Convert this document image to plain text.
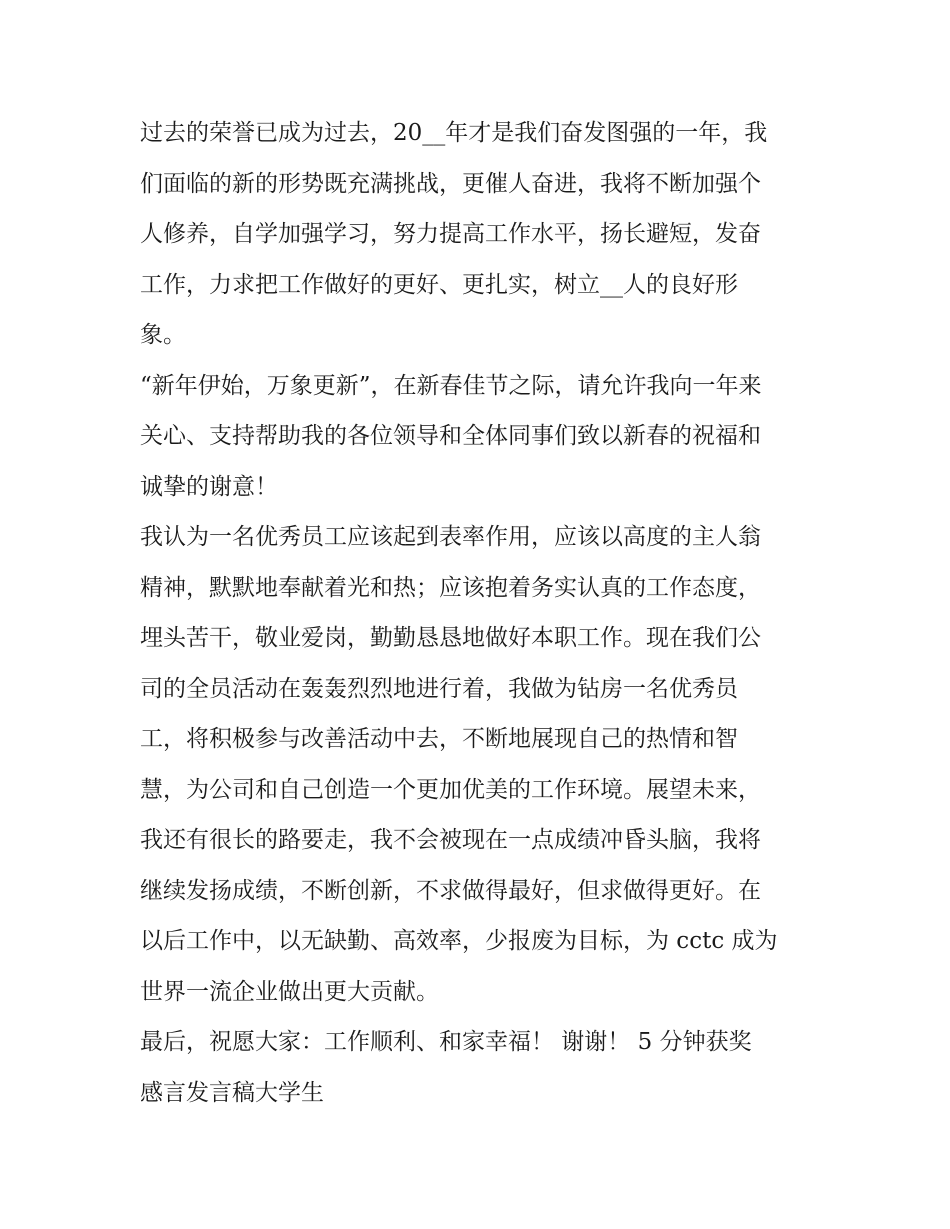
过去的荣誉已成为过去，20__年才是我们奋发图强的一年，我
们面临的新的形势既充满挑战，更催人奋进，我将不断加强个
人修养，自学加强学习，努力提高工作水平，扬长避短，发奋
工作，力求把工作做好的更好、更扎实，树立__人的良好形
象。
“新年伊始，万象更新”，在新春佳节之际，请允许我向一年来
关心、支持帮助我的各位领导和全体同事们致以新春的祝福和
诚挚的谢意！
我认为一名优秀员工应该起到表率作用，应该以高度的主人翁
精神，默默地奉献着光和热；应该抱着务实认真的工作态度，
埋头苦干，敬业爱岗，勤勤恳恳地做好本职工作。现在我们公
司的全员活动在轰轰烈烈地进行着，我做为钻房一名优秀员
工，将积极参与改善活动中去，不断地展现自己的热情和智
慧，为公司和自己创造一个更加优美的工作环境。展望未来，
我还有很长的路要走，我不会被现在一点成绩冲昏头脑，我将
继续发扬成绩，不断创新，不求做得最好，但求做得更好。在
以后工作中，以无缺勤、高效率，少报废为目标，为 cctc 成为
世界一流企业做出更大贡献。
最后，祝愿大家：工作顺利、和家幸福！ 谢谢！ 5 分钟获奖
感言发言稿大学生
